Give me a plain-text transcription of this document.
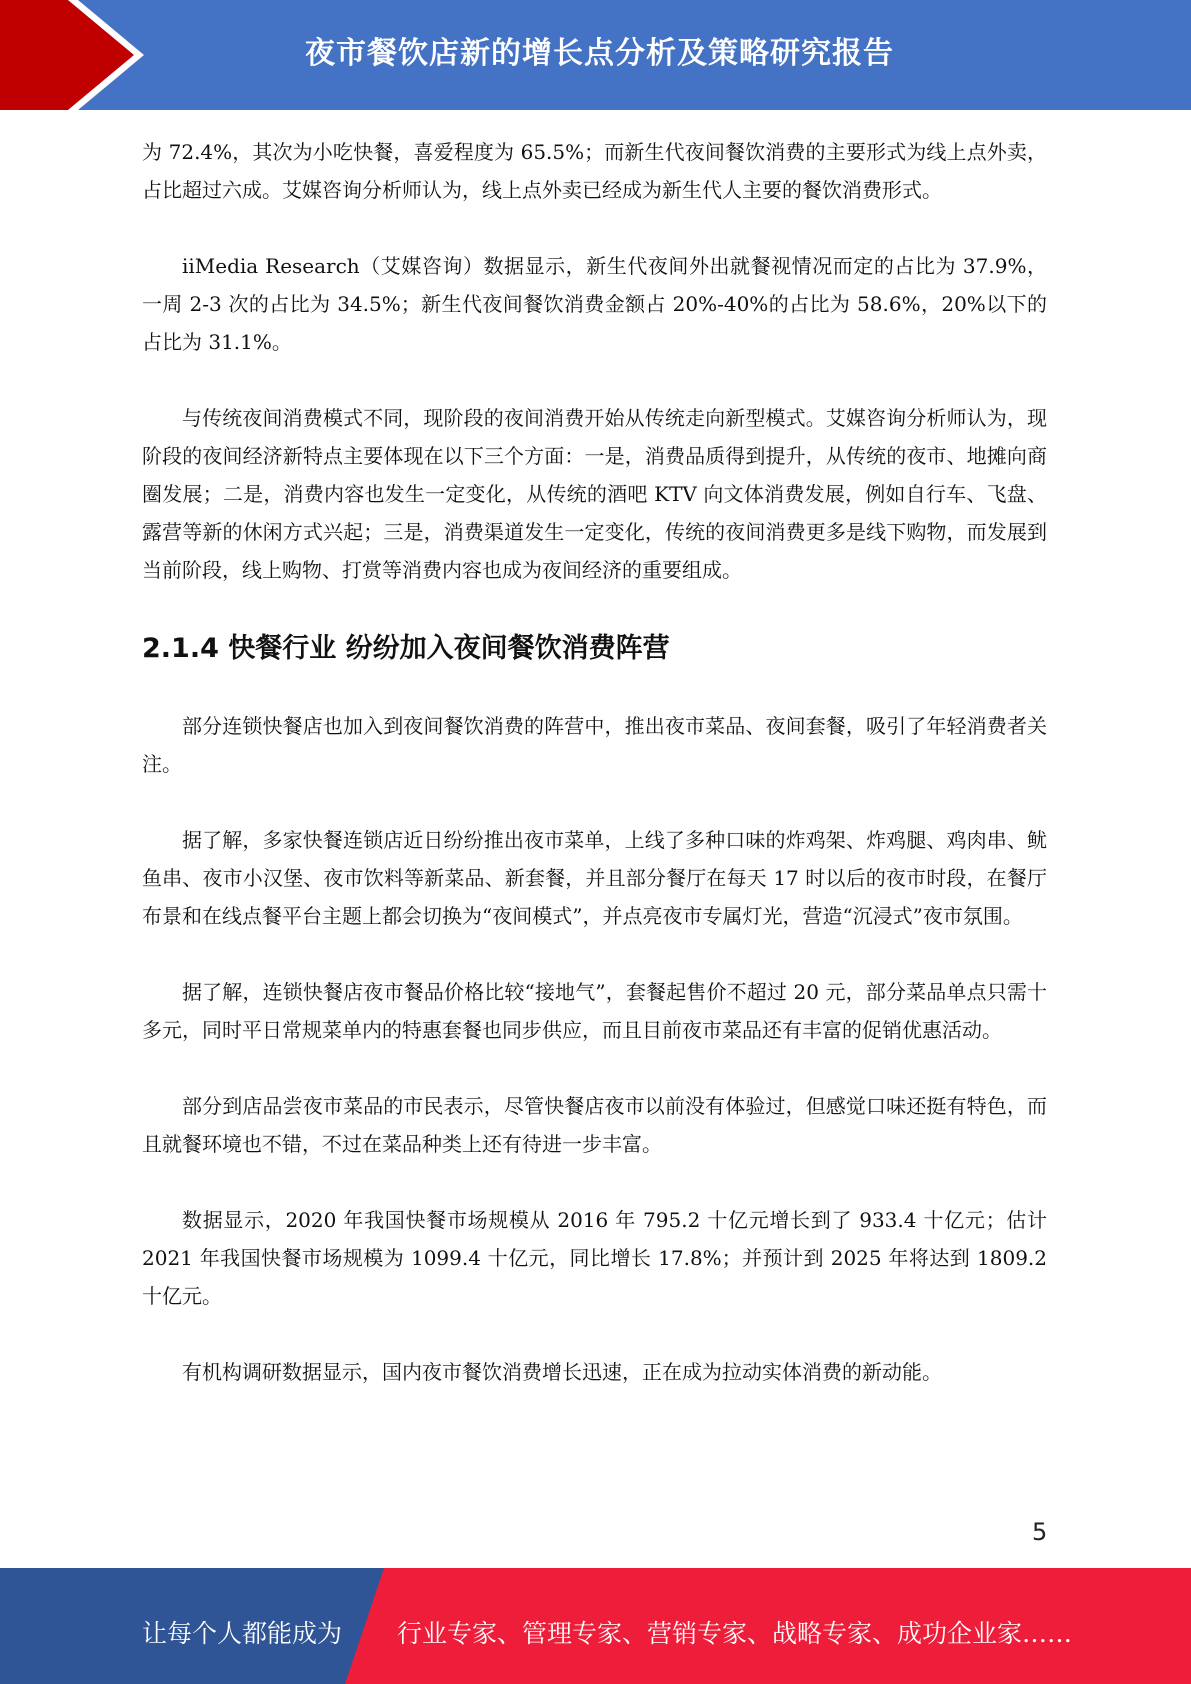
夜市餐饮店新的增长点分析及策略研究报告

为 72.4%，其次为小吃快餐，喜爱程度为 65.5%；而新生代夜间餐饮消费的主要形式为线上点外卖，占比超过六成。艾媒咨询分析师认为，线上点外卖已经成为新生代人主要的餐饮消费形式。

iiMedia Research（艾媒咨询）数据显示，新生代夜间外出就餐视情况而定的占比为 37.9%，一周 2-3 次的占比为 34.5%；新生代夜间餐饮消费金额占 20%-40%的占比为 58.6%，20%以下的占比为 31.1%。

与传统夜间消费模式不同，现阶段的夜间消费开始从传统走向新型模式。艾媒咨询分析师认为，现阶段的夜间经济新特点主要体现在以下三个方面：一是，消费品质得到提升，从传统的夜市、地摊向商圈发展；二是，消费内容也发生一定变化，从传统的酒吧 KTV 向文体消费发展，例如自行车、飞盘、露营等新的休闲方式兴起；三是，消费渠道发生一定变化，传统的夜间消费更多是线下购物，而发展到当前阶段，线上购物、打赏等消费内容也成为夜间经济的重要组成。

2.1.4 快餐行业 纷纷加入夜间餐饮消费阵营

部分连锁快餐店也加入到夜间餐饮消费的阵营中，推出夜市菜品、夜间套餐，吸引了年轻消费者关注。

据了解，多家快餐连锁店近日纷纷推出夜市菜单，上线了多种口味的炸鸡架、炸鸡腿、鸡肉串、鱿鱼串、夜市小汉堡、夜市饮料等新菜品、新套餐，并且部分餐厅在每天 17 时以后的夜市时段，在餐厅布景和在线点餐平台主题上都会切换为“夜间模式”，并点亮夜市专属灯光，营造“沉浸式”夜市氛围。

据了解，连锁快餐店夜市餐品价格比较“接地气”，套餐起售价不超过 20 元，部分菜品单点只需十多元，同时平日常规菜单内的特惠套餐也同步供应，而且目前夜市菜品还有丰富的促销优惠活动。

部分到店品尝夜市菜品的市民表示，尽管快餐店夜市以前没有体验过，但感觉口味还挺有特色，而且就餐环境也不错，不过在菜品种类上还有待进一步丰富。

数据显示，2020 年我国快餐市场规模从 2016 年 795.2 十亿元增长到了 933.4 十亿元；估计 2021 年我国快餐市场规模为 1099.4 十亿元，同比增长 17.8%；并预计到 2025 年将达到 1809.2 十亿元。

有机构调研数据显示，国内夜市餐饮消费增长迅速，正在成为拉动实体消费的新动能。

5
让每个人都能成为 行业专家、管理专家、营销专家、战略专家、成功企业家……
